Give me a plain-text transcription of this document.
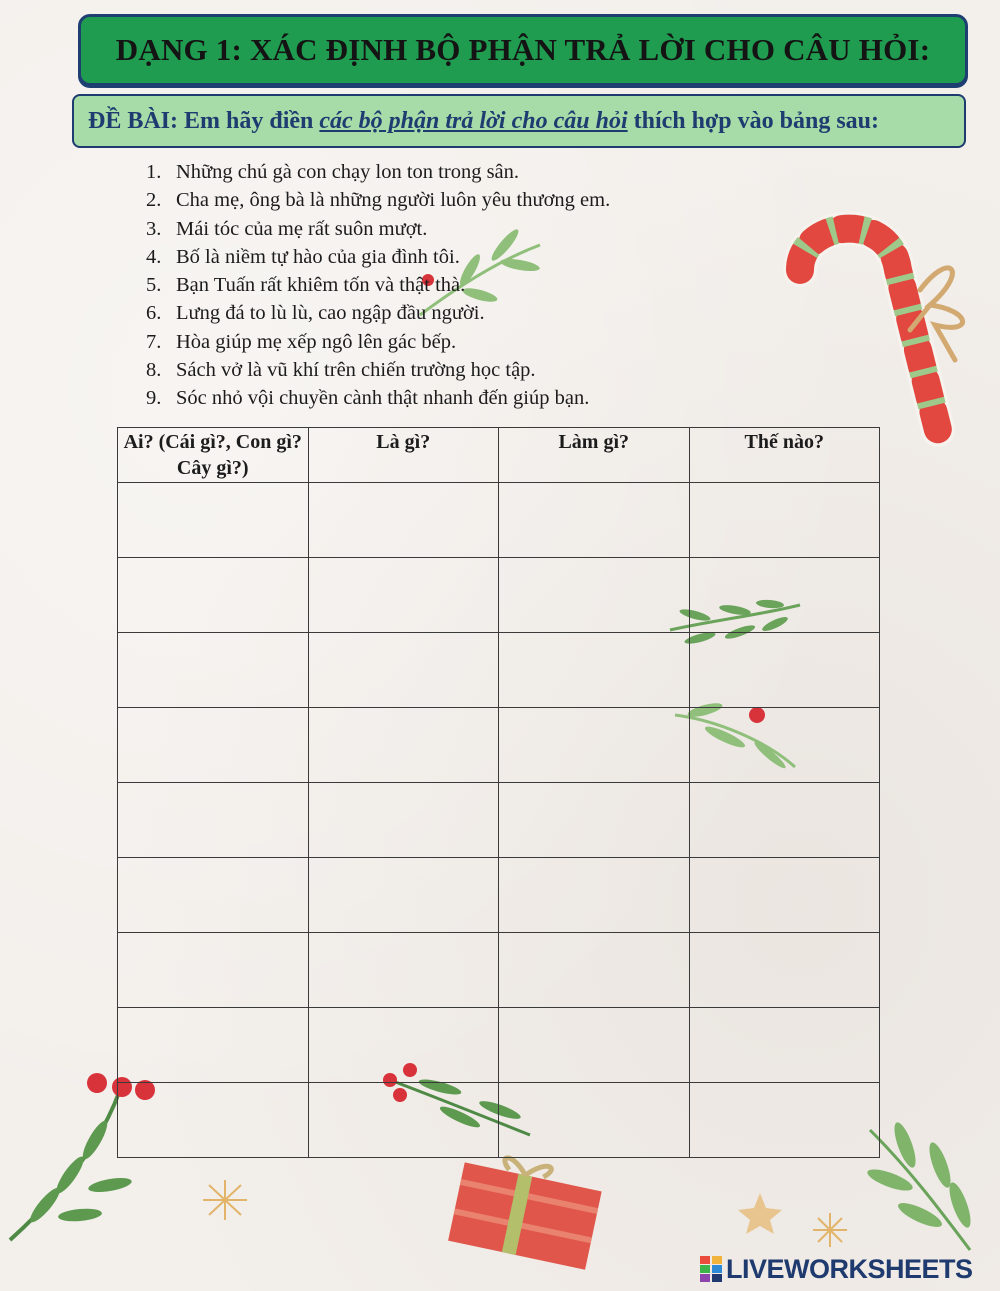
DẠNG 1: XÁC ĐỊNH BỘ PHẬN TRẢ LỜI CHO CÂU HỎI:
ĐỀ BÀI: Em hãy điền các bộ phận trả lời cho câu hỏi thích hợp vào bảng sau:
1. Những chú gà con chạy lon ton trong sân.
2. Cha mẹ, ông bà là những người luôn yêu thương em.
3. Mái tóc của mẹ rất suôn mượt.
4. Bố là niềm tự hào của gia đình tôi.
5. Bạn Tuấn rất khiêm tốn và thật thà.
6. Lưng đá to lù lù, cao ngập đầu người.
7. Hòa giúp mẹ xếp ngô lên gác bếp.
8. Sách vở là vũ khí trên chiến trường học tập.
9. Sóc nhỏ vội chuyền cành thật nhanh đến giúp bạn.
Ai? (Cái gì?, Con gì? Cây gì?)	Là gì?	Làm gì?	Thế nào?

LIVEWORKSHEETS
